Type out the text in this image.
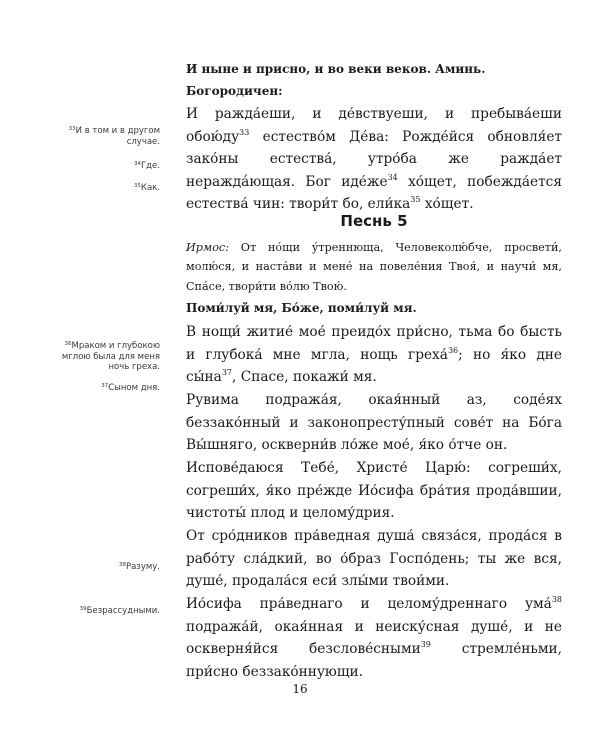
$^{33}$И в том и в другом случае.
$^{34}$Где.
$^{35}$Как.
$^{36}$Мраком и глубокою мглою была для меня ночь греха.
$^{37}$Сыном дня.
$^{38}$Разуму.
$^{39}$Безрассудными.

И ныне и присно, и во веки веков. Аминь.

Богородичен:

И ражда́еши, и де́вствуеши, и пребыва́еши $обою́ду^{33}$ естество́м Де́ва: Рожде́йся обновля́ет зако́ны естества́, утро́ба же ражда́ет нераждáющая. Бог $иде́же^{34}$ хо́щет, побежда́ется естества́ чин: твори́т бо, $ели́ка^{35}$ хо́щет.

Песнь 5

Ирмос: От но́щи у́треннюща, Человеколю́бче, просвети́, молю́ся, и наста́ви и мене́ на повеле́ния Твоя́, и научи́ мя, Спа́се, твори́ти во́лю Твою́.

Поми́луй мя, Бо́же, поми́луй мя.

В нощи́ житие́ мое́ преидо́х при́сно, тьма бо бысть и глубока́ мне мгла, нощь греха́$^{36}$; но я́ко дне $сы́на^{37}$, Спасе, покажи́ мя.

Рувима подража́я, окая́нный аз, соде́ях беззако́нный и законопресту́пный сове́т на Бо́га Вы́шняго, оскверни́в ло́же мое́, я́ко о́тче он.

Испове́даюся Тебе́, Христе́ Царю́: согреши́х, согреши́х, я́ко пре́жде Ио́сифа бра́тия прода́вшии, чистоты́ плод и целому́дрия.

От сро́дников пра́ведная душа́ связа́ся, прода́ся в рабо́ту сла́дкий, во о́браз Госпо́день; ты же вся, душе́, продала́ся еси́ злы́ми твои́ми.

Ио́сифа пра́веднаго и целому́дреннаго ума́$^{38}$ подража́й, окая́нная и неиску́сная душе́, и не оскверня́йся безслове́сными$^{39}$ стремле́ньми, при́сно беззако́ннующи.

16
